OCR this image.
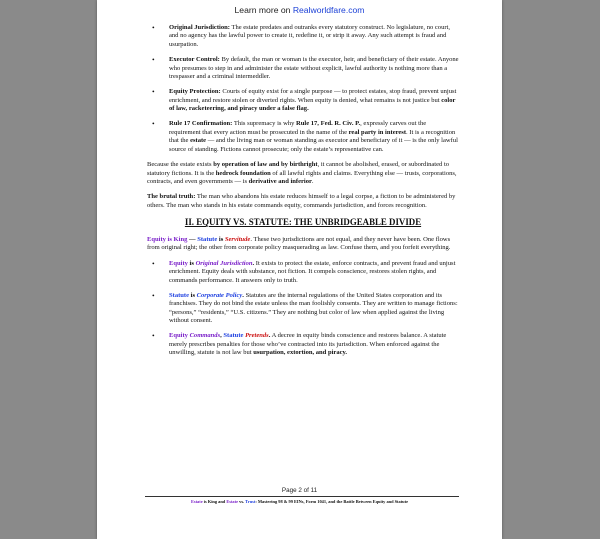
Learn more on Realworldfare.com
• Original Jurisdiction: The estate predates and outranks every statutory construct. No legislature, no court, and no agency has the lawful power to create it, redefine it, or strip it away. Any such attempt is fraud and usurpation.
• Executor Control: By default, the man or woman is the executor, heir, and beneficiary of their estate. Anyone who presumes to step in and administer the estate without explicit, lawful authority is nothing more than a trespasser and a criminal intermeddler.
• Equity Protection: Courts of equity exist for a single purpose — to protect estates, stop fraud, prevent unjust enrichment, and restore stolen or diverted rights. When equity is denied, what remains is not justice but color of law, racketeering, and piracy under a false flag.
• Rule 17 Confirmation: This supremacy is why Rule 17, Fed. R. Civ. P., expressly carves out the requirement that every action must be prosecuted in the name of the real party in interest. It is a recognition that the estate — and the living man or woman standing as executor and beneficiary of it — is the only lawful source of standing. Fictions cannot prosecute; only the estate’s representative can.

Because the estate exists by operation of law and by birthright, it cannot be abolished, erased, or subordinated to statutory fictions. It is the hedrock foundation of all lawful rights and claims. Everything else — trusts, corporations, contracts, and even governments — is derivative and inferior.

The brutal truth: The man who abandons his estate reduces himself to a legal corpse, a fiction to be administered by others. The man who stands in his estate commands equity, commands jurisdiction, and forces recognition.

II. EQUITY VS. STATUTE: THE UNBRIDGEABLE DIVIDE

Equity is King — Statute is Servitude. These two jurisdictions are not equal, and they never have been. One flows from original right; the other from corporate policy masquerading as law. Confuse them, and you forfeit everything.

• Equity is Original Jurisdiction. It exists to protect the estate, enforce contracts, and prevent fraud and unjust enrichment. Equity deals with substance, not fiction. It compels conscience, restores stolen rights, and commands performance. It answers only to truth.
• Statute is Corporate Policy. Statutes are the internal regulations of the United States corporation and its franchises. They do not bind the estate unless the man foolishly consents. They are written to manage fictions: “persons,” “residents,” “U.S. citizens.” They are nothing but color of law when applied against the living without consent.
• Equity Commands, Statute Pretends. A decree in equity binds conscience and restores balance. A statute merely prescribes penalties for those who’ve contracted into its jurisdiction. When enforced against the unwilling, statute is not law but usurpation, extortion, and piracy.
Page 2 of 11
Estate is King and Estate vs. Trust: Mastering 98 & 99 EINs, Form 1041, and the Battle Between Equity and Statute
